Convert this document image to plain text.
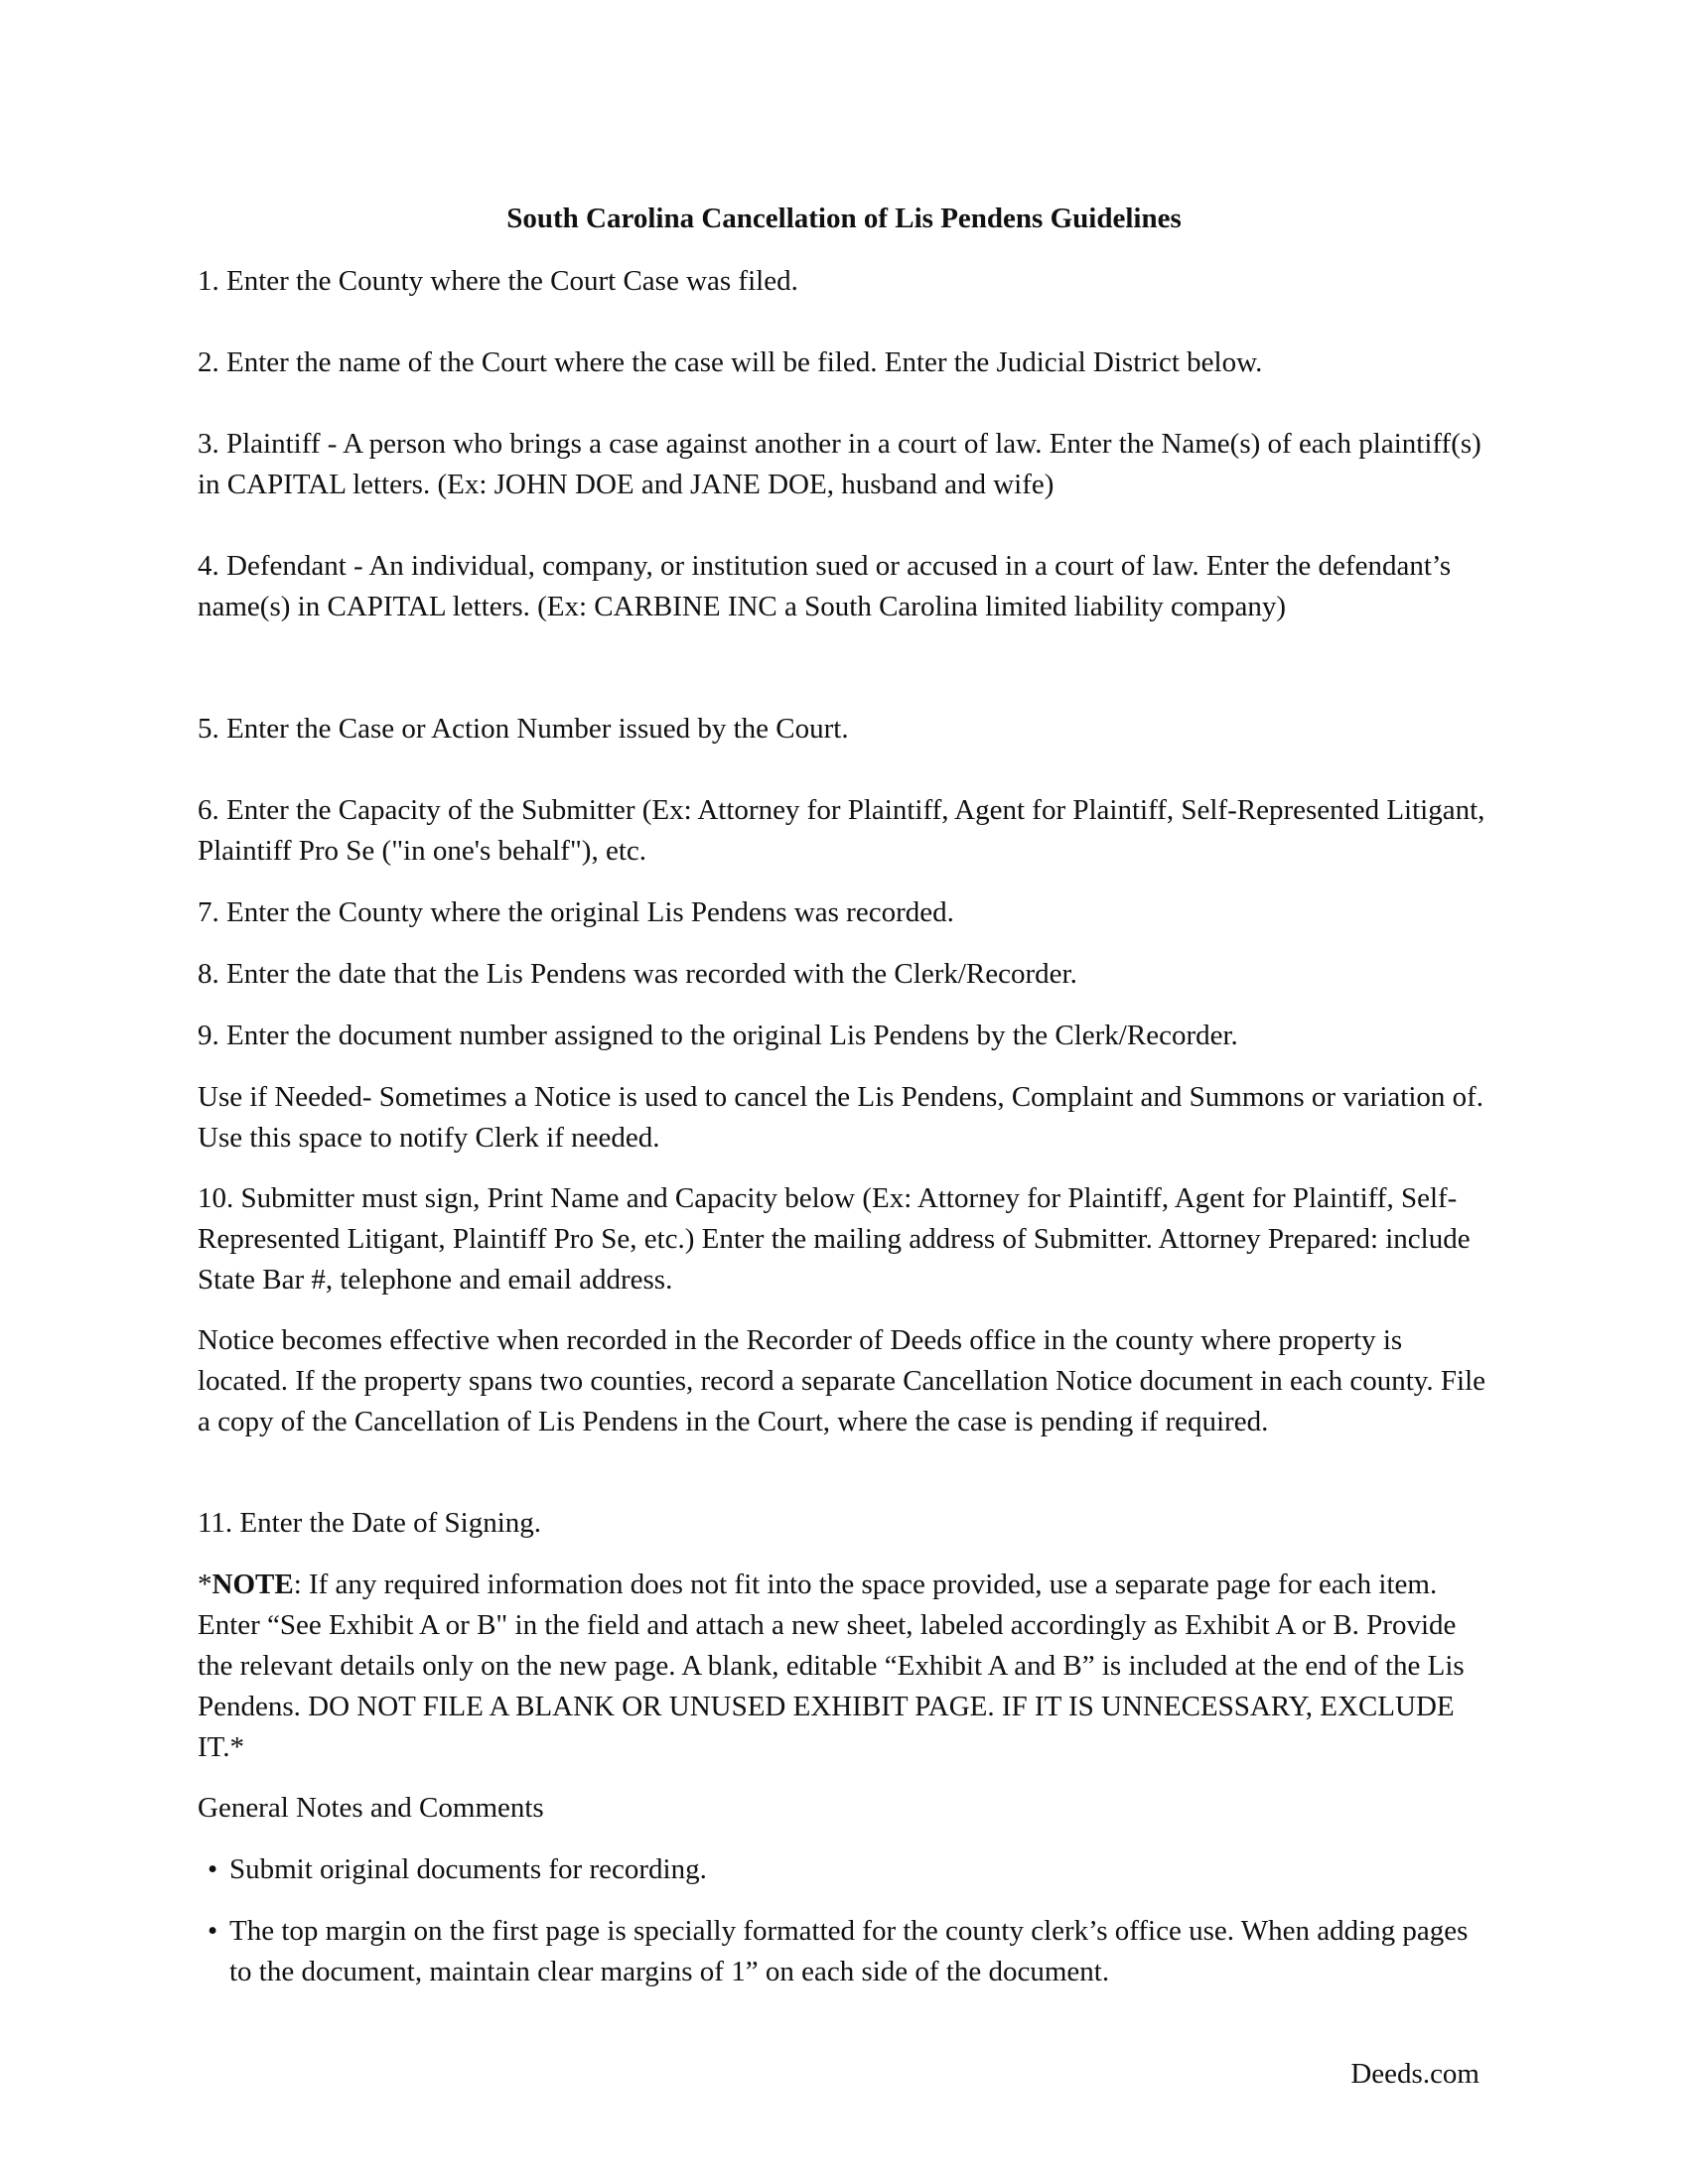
South Carolina Cancellation of Lis Pendens Guidelines

1. Enter the County where the Court Case was filed.

2. Enter the name of the Court where the case will be filed. Enter the Judicial District below.

3. Plaintiff - A person who brings a case against another in a court of law. Enter the Name(s) of each plaintiff(s) in CAPITAL letters. (Ex: JOHN DOE and JANE DOE, husband and wife)

4. Defendant - An individual, company, or institution sued or accused in a court of law. Enter the defendant’s name(s) in CAPITAL letters. (Ex: CARBINE INC a South Carolina limited liability company)

5. Enter the Case or Action Number issued by the Court.

6. Enter the Capacity of the Submitter (Ex: Attorney for Plaintiff, Agent for Plaintiff, Self-Represented Litigant, Plaintiff Pro Se ("in one's behalf"), etc.

7. Enter the County where the original Lis Pendens was recorded.

8. Enter the date that the Lis Pendens was recorded with the Clerk/Recorder.

9. Enter the document number assigned to the original Lis Pendens by the Clerk/Recorder.

Use if Needed- Sometimes a Notice is used to cancel the Lis Pendens, Complaint and Summons or variation of. Use this space to notify Clerk if needed.

10. Submitter must sign, Print Name and Capacity below (Ex: Attorney for Plaintiff, Agent for Plaintiff, Self-Represented Litigant, Plaintiff Pro Se, etc.) Enter the mailing address of Submitter. Attorney Prepared: include State Bar #, telephone and email address.

Notice becomes effective when recorded in the Recorder of Deeds office in the county where property is located. If the property spans two counties, record a separate Cancellation Notice document in each county. File a copy of the Cancellation of Lis Pendens in the Court, where the case is pending if required.

11. Enter the Date of Signing.

*NOTE: If any required information does not fit into the space provided, use a separate page for each item. Enter “See Exhibit A or B" in the field and attach a new sheet, labeled accordingly as Exhibit A or B. Provide the relevant details only on the new page. A blank, editable “Exhibit A and B” is included at the end of the Lis Pendens. DO NOT FILE A BLANK OR UNUSED EXHIBIT PAGE. IF IT IS UNNECESSARY, EXCLUDE IT.*

General Notes and Comments

• Submit original documents for recording.

• The top margin on the first page is specially formatted for the county clerk’s office use. When adding pages to the document, maintain clear margins of 1” on each side of the document.

Deeds.com
